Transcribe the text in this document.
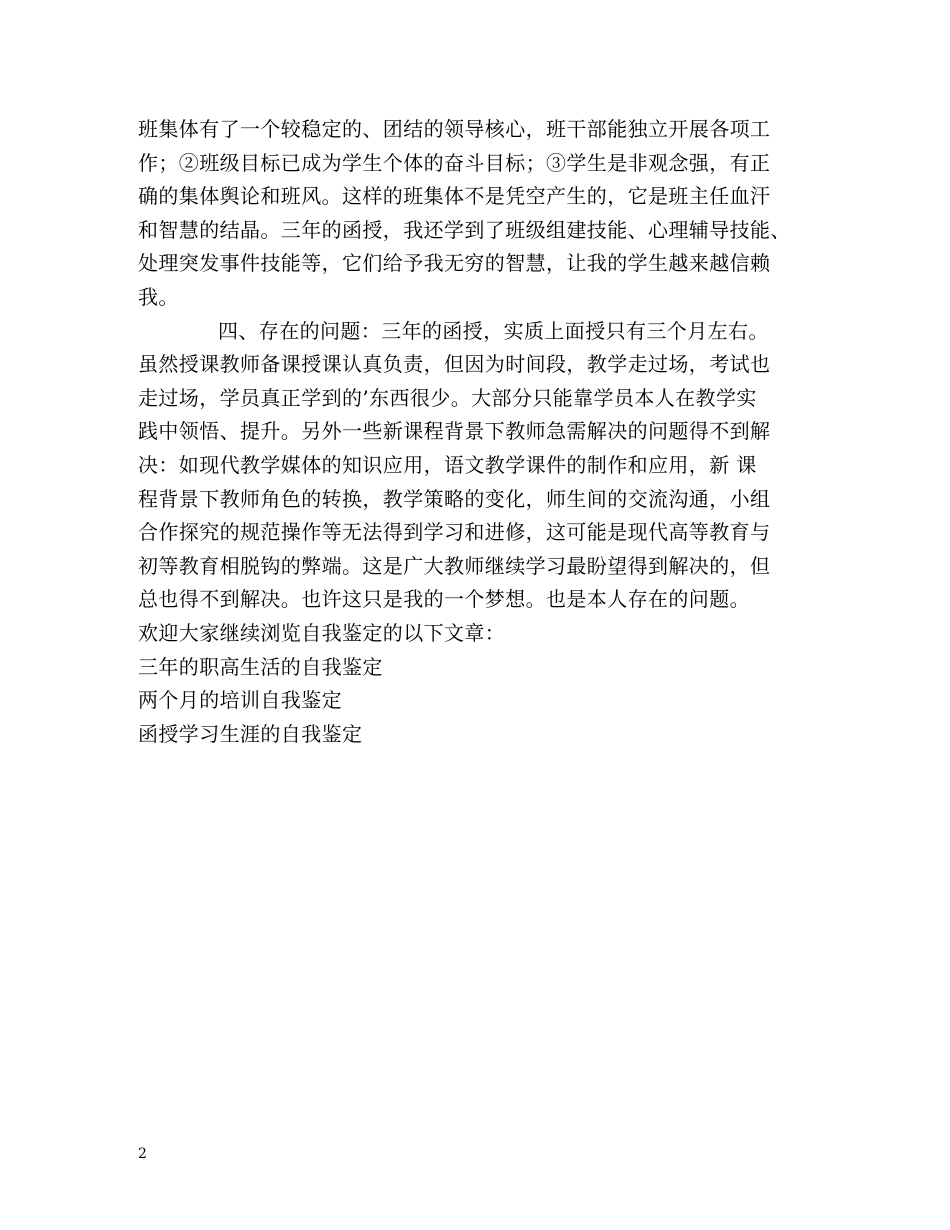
班集体有了一个较稳定的、团结的领导核心，班干部能独立开展各项工
作；②班级目标已成为学生个体的奋斗目标；③学生是非观念强，有正
确的集体舆论和班风。这样的班集体不是凭空产生的，它是班主任血汗
和智慧的结晶。三年的函授，我还学到了班级组建技能、心理辅导技能、
处理突发事件技能等，它们给予我无穷的智慧，让我的学生越来越信赖
我。
四、存在的问题：三年的函授，实质上面授只有三个月左右。
虽然授课教师备课授课认真负责，但因为时间段，教学走过场，考试也
走过场，学员真正学到的’东西很少。大部分只能靠学员本人在教学实
践中领悟、提升。另外一些新课程背景下教师急需解决的问题得不到解
决：如现代教学媒体的知识应用，语文教学课件的制作和应用，新 课
程背景下教师角色的转换，教学策略的变化，师生间的交流沟通，小组
合作探究的规范操作等无法得到学习和进修，这可能是现代高等教育与
初等教育相脱钩的弊端。这是广大教师继续学习最盼望得到解决的，但
总也得不到解决。也许这只是我的一个梦想。也是本人存在的问题。
欢迎大家继续浏览自我鉴定的以下文章：
三年的职高生活的自我鉴定
两个月的培训自我鉴定
函授学习生涯的自我鉴定
2
